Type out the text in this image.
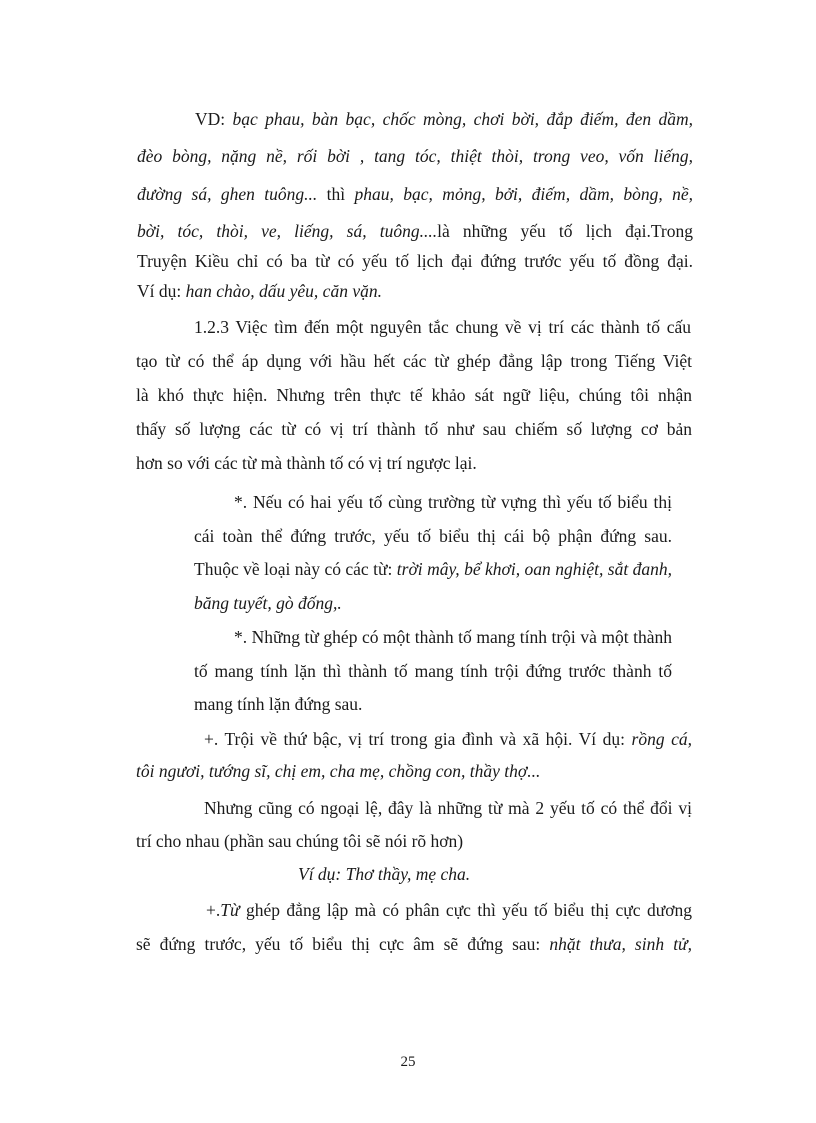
VD: bạc phau, bàn bạc, chốc mòng, chơi bời, đắp điếm, đen dầm,
đèo bòng, nặng nề, rối bời , tang tóc, thiệt thòi, trong veo, vốn liếng,
đường sá, ghen tuông... thì phau, bạc, mỏng, bởi, điếm, dầm, bòng, nề,
bời, tóc, thòi, ve, liếng, sá, tuông....là những yếu tố lịch đại.Trong
Truyện Kiều chỉ có ba từ có yếu tố lịch đại đứng trước yếu tố đồng đại.
Ví dụ: han chào, dấu yêu, căn vặn.
1.2.3 Việc tìm đến một nguyên tắc chung về vị trí các thành tố cấu
tạo từ có thể áp dụng với hầu hết các từ ghép đẳng lập trong Tiếng Việt
là khó thực hiện. Nhưng trên thực tế khảo sát ngữ liệu, chúng tôi nhận
thấy số lượng các từ có vị trí thành tố như sau chiếm số lượng cơ bản
hơn so với các từ mà thành tố có vị trí ngược lại.
*. Nếu có hai yếu tố cùng trường từ vựng thì yếu tố biểu thị
cái toàn thể đứng trước, yếu tố biểu thị cái bộ phận đứng sau.
Thuộc về loại này có các từ: trời mây, bể khơi, oan nghiệt, sắt đanh,
băng tuyết, gò đống,.
*. Những từ ghép có một thành tố mang tính trội và một thành
tố mang tính lặn thì thành tố mang tính trội đứng trước thành tố
mang tính lặn đứng sau.
+. Trội về thứ bậc, vị trí trong gia đình và xã hội. Ví dụ: rồng cá,
tôi ngươi, tướng sĩ, chị em, cha mẹ, chồng con, thầy thợ...
Nhưng cũng có ngoại lệ, đây là những từ mà 2 yếu tố có thể đổi vị
trí cho nhau (phần sau chúng tôi sẽ nói rõ hơn)
Ví dụ: Thơ thầy, mẹ cha.
+.Từ ghép đẳng lập mà có phân cực thì yếu tố biểu thị cực dương
sẽ đứng trước, yếu tố biểu thị cực âm sẽ đứng sau: nhặt thưa, sinh tử,
25
